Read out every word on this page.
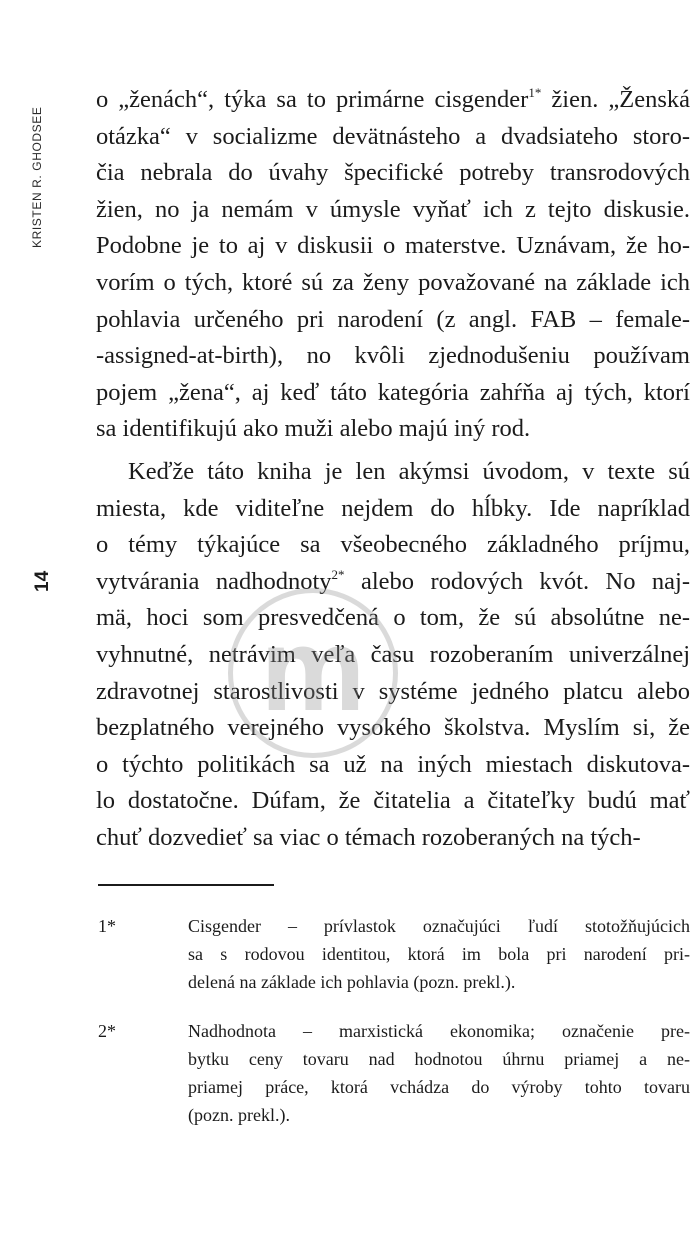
KRISTEN R. GHODSEE
14
o „ženách“, týka sa to primárne cisgender$^{1*}$ žien. „Ženská
otázka“ v socializme devätnásteho a dvadsiateho storo-
čia nebrala do úvahy špecifické potreby transrodových
žien, no ja nemám v úmysle vyňať ich z tejto diskusie.
Podobne je to aj v diskusii o materstve. Uznávam, že ho-
vorím o tých, ktoré sú za ženy považované na základe ich
pohlavia určeného pri narodení (z angl. FAB – female-
-assigned-at-birth), no kvôli zjednodušeniu používam
pojem „žena“, aj keď táto kategória zahŕňa aj tých, ktorí
sa identifikujú ako muži alebo majú iný rod.
Keďže táto kniha je len akýmsi úvodom, v texte sú
miesta, kde viditeľne nejdem do hĺbky. Ide napríklad
o témy týkajúce sa všeobecného základného príjmu,
vytvárania nadhodnoty$^{2*}$ alebo rodových kvót. No naj-
mä, hoci som presvedčená o tom, že sú absolútne ne-
vyhnutné, netrávim veľa času rozoberaním univerzálnej
zdravotnej starostlivosti v systéme jedného platcu alebo
bezplatného verejného vysokého školstva. Myslím si, že
o týchto politikách sa už na iných miestach diskutova-
lo dostatočne. Dúfam, že čitatelia a čitateľky budú mať
chuť dozvedieť sa viac o témach rozoberaných na tých-
m
1*	Cisgender – prívlastok označujúci ľudí stotožňujúcich
sa s rodovou identitou, ktorá im bola pri narodení pri-
delená na základe ich pohlavia (pozn. prekl.).
2*	Nadhodnota – marxistická ekonomika; označenie pre-
bytku ceny tovaru nad hodnotou úhrnu priamej a ne-
priamej práce, ktorá vchádza do výroby tohto tovaru
(pozn. prekl.).
